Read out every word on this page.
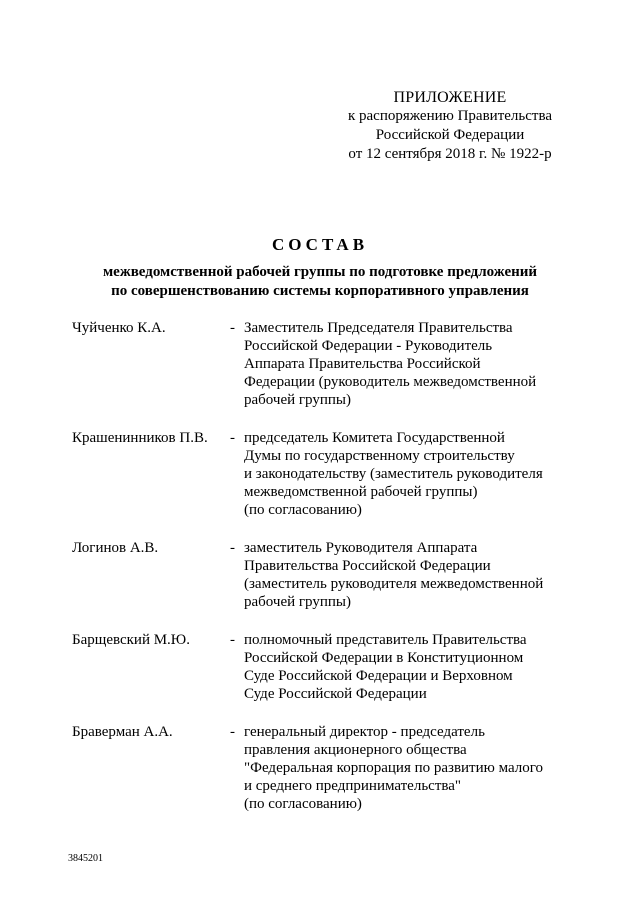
ПРИЛОЖЕНИЕ
к распоряжению Правительства
Российской Федерации
от 12 сентября 2018 г. № 1922-р
СОСТАВ
межведомственной рабочей группы по подготовке предложений
по совершенствованию системы корпоративного управления
Чуйченко К.А.	- Заместитель Председателя Правительства
Российской Федерации - Руководитель
Аппарата Правительства Российской
Федерации (руководитель межведомственной
рабочей группы)
Крашенинников П.В.	- председатель Комитета Государственной
Думы по государственному строительству
и законодательству (заместитель руководителя
межведомственной рабочей группы)
(по согласованию)
Логинов А.В.	- заместитель Руководителя Аппарата
Правительства Российской Федерации
(заместитель руководителя межведомственной
рабочей группы)
Барщевский М.Ю.	- полномочный представитель Правительства
Российской Федерации в Конституционном
Суде Российской Федерации и Верховном
Суде Российской Федерации
Браверман А.А.	- генеральный директор - председатель
правления акционерного общества
"Федеральная корпорация по развитию малого
и среднего предпринимательства"
(по согласованию)
3845201
